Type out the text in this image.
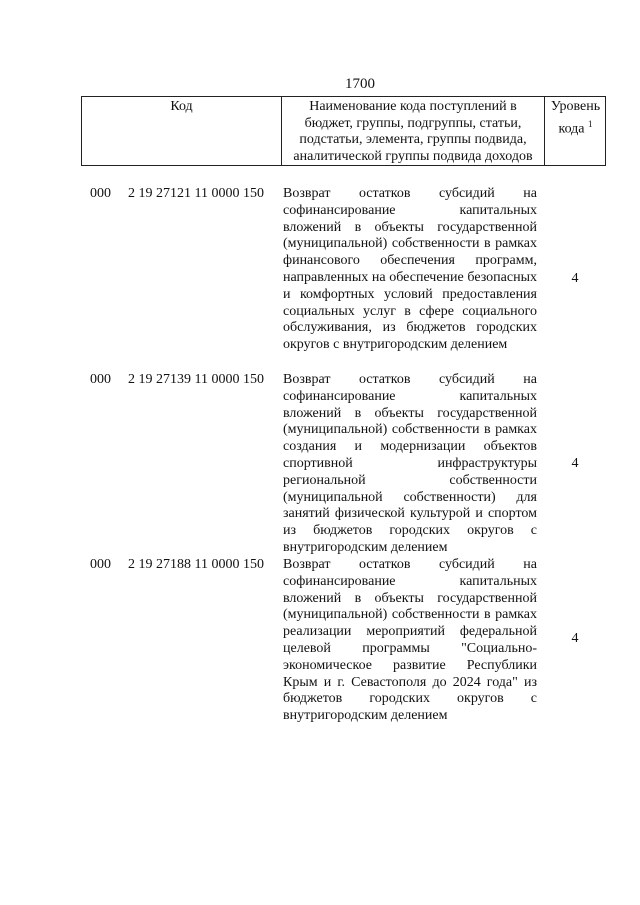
1700
Код	Наименование кода поступлений в
бюджет, группы, подгруппы, статьи,
подстатьи, элемента, группы подвида,
аналитической группы подвида доходов
Уровень
кода $^1$
000 2 19 27121 11 0000 150 Возврат остатков субсидий на софинансирование капитальных вложений в объекты государственной (муниципальной) собственности в рамках финансового обеспечения программ, направленных на обеспечение безопасных и комфортных условий предоставления социальных услуг в сфере социального обслуживания, из бюджетов городских округов с внутригородским делением
4
000 2 19 27139 11 0000 150 Возврат остатков субсидий на софинансирование капитальных вложений в объекты государственной (муниципальной) собственности в рамках создания и модернизации объектов спортивной инфраструктуры региональной собственности (муниципальной собственности) для занятий физической культурой и спортом из бюджетов городских округов с внутригородским делением
4
000 2 19 27188 11 0000 150 Возврат остатков субсидий на софинансирование капитальных вложений в объекты государственной (муниципальной) собственности в рамках реализации мероприятий федеральной целевой программы "Социально-экономическое развитие Республики Крым и г. Севастополя до 2024 года" из бюджетов городских округов с внутригородским делением
4
